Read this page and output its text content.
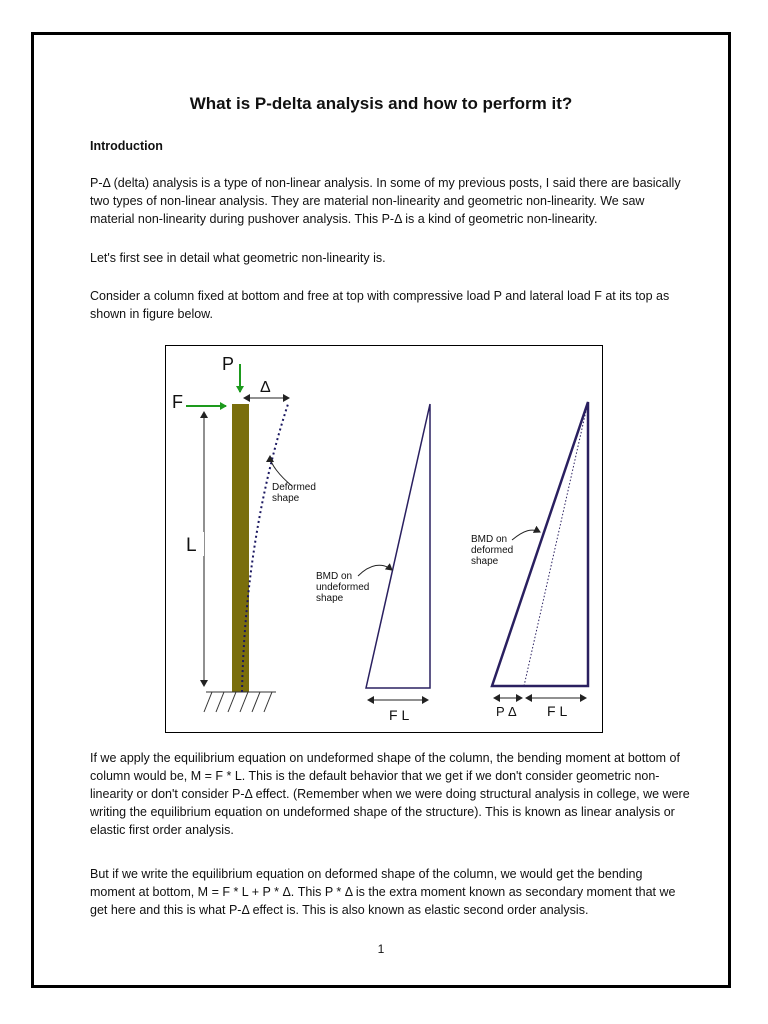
What is P-delta analysis and how to perform it?
Introduction

P-Δ (delta) analysis is a type of non-linear analysis. In some of my previous posts, I said there are basically two types of non-linear analysis. They are material non-linearity and geometric non-linearity. We saw material non-linearity during pushover analysis. This P-Δ is a kind of geometric non-linearity.

Let's first see in detail what geometric non-linearity is.

Consider a column fixed at bottom and free at top with compressive load P and lateral load F at its top as shown in figure below.

P
F
Δ
L
Deformed
shape
BMD on
undeformed
shape
F L
BMD on
deformed
shape
P Δ F L

If we apply the equilibrium equation on undeformed shape of the column, the bending moment at bottom of column would be, M = F * L. This is the default behavior that we get if we don't consider geometric non-linearity or don't consider P-Δ effect. (Remember when we were doing structural analysis in college, we were writing the equilibrium equation on undeformed shape of the structure). This is known as linear analysis or elastic first order analysis.

But if we write the equilibrium equation on deformed shape of the column, we would get the bending moment at bottom, M = F * L + P * Δ. This P * Δ is the extra moment known as secondary moment that we get here and this is what P-Δ effect is. This is also known as elastic second order analysis.

1
